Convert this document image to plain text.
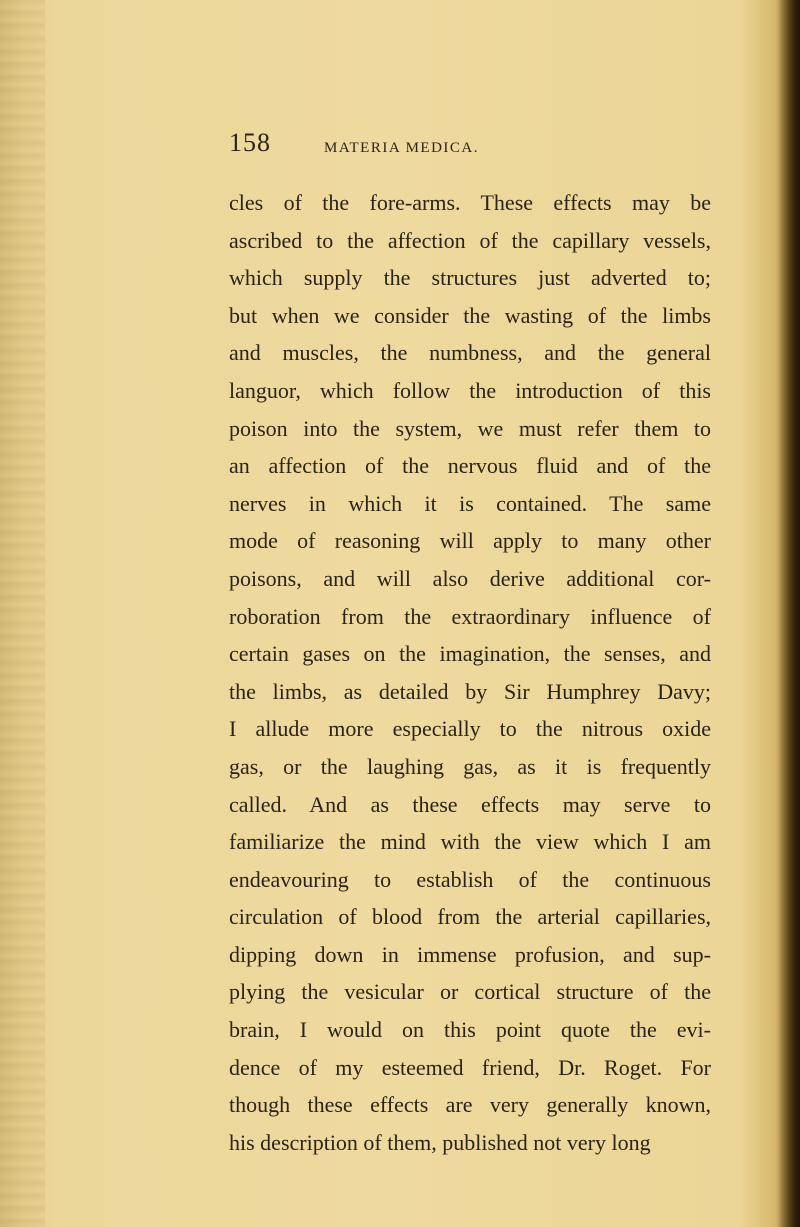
158	MATERIA MEDICA.
cles of the fore-arms. These effects may be
ascribed to the affection of the capillary vessels,
which supply the structures just adverted to;
but when we consider the wasting of the limbs
and muscles, the numbness, and the general
languor, which follow the introduction of this
poison into the system, we must refer them to
an affection of the nervous fluid and of the
nerves in which it is contained. The same
mode of reasoning will apply to many other
poisons, and will also derive additional cor-
roboration from the extraordinary influence of
certain gases on the imagination, the senses, and
the limbs, as detailed by Sir Humphrey Davy;
I allude more especially to the nitrous oxide
gas, or the laughing gas, as it is frequently
called. And as these effects may serve to
familiarize the mind with the view which I am
endeavouring to establish of the continuous
circulation of blood from the arterial capillaries,
dipping down in immense profusion, and sup-
plying the vesicular or cortical structure of the
brain, I would on this point quote the evi-
dence of my esteemed friend, Dr. Roget. For
though these effects are very generally known,
his description of them, published not very long
